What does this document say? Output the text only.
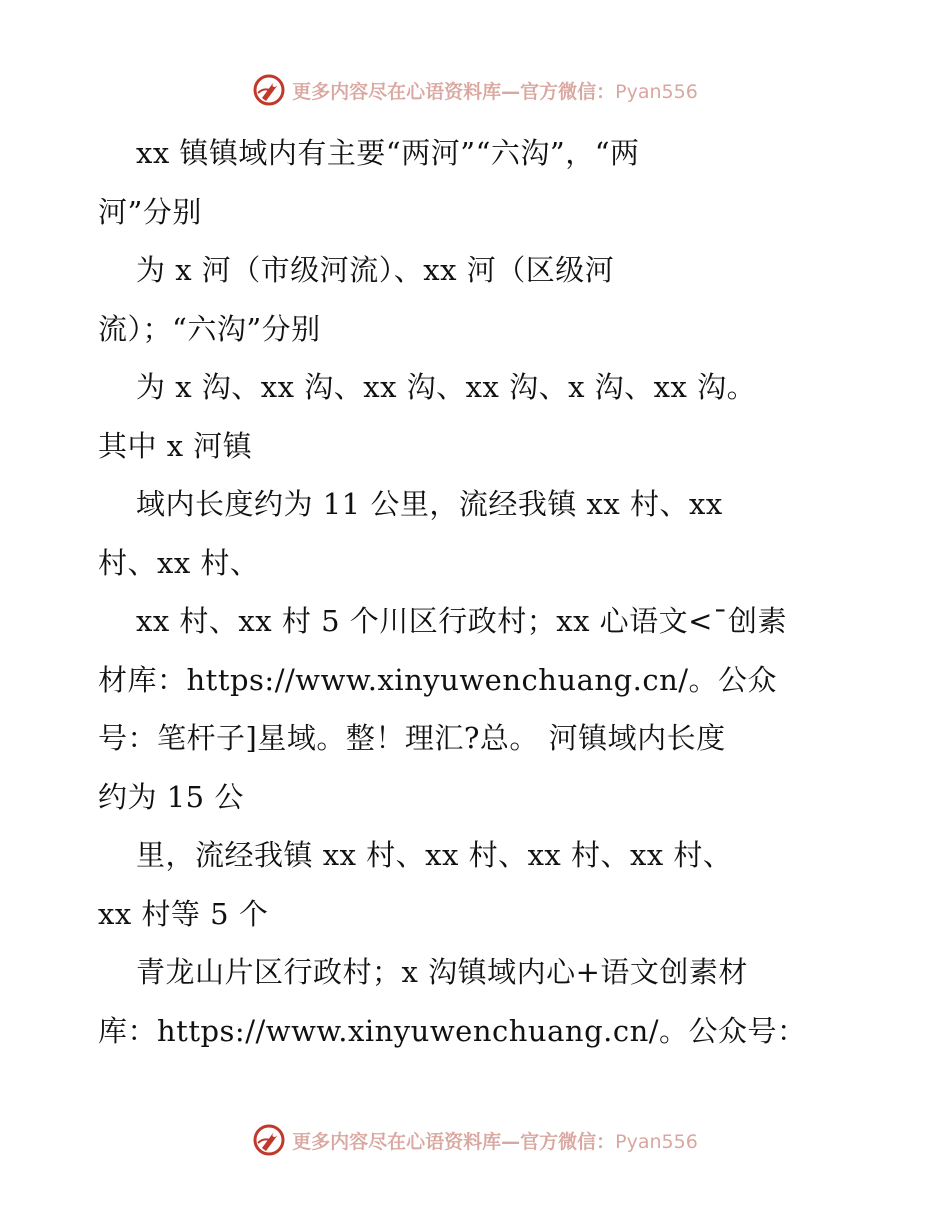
更多内容尽在心语资料库—官方微信：Pyan556
xx 镇镇域内有主要“两河”“六沟”，“两
河”分别
为 x 河（市级河流）、xx 河（区级河
流）；“六沟”分别
为 x 沟、xx 沟、xx 沟、xx 沟、x 沟、xx 沟。
其中 x 河镇
域内长度约为 11 公里，流经我镇 xx 村、xx
村、xx 村、
xx 村、xx 村 5 个川区行政村；xx 心语文<¯创素
材库：https://www.xinyuwenchuang.cn/。公众
号：笔杆子]星域。整！理汇?总。 河镇域内长度
约为 15 公
里，流经我镇 xx 村、xx 村、xx 村、xx 村、
xx 村等 5 个
青龙山片区行政村；x 沟镇域内心+语文创素材
库：https://www.xinyuwenchuang.cn/。公众号：
更多内容尽在心语资料库—官方微信：Pyan556
